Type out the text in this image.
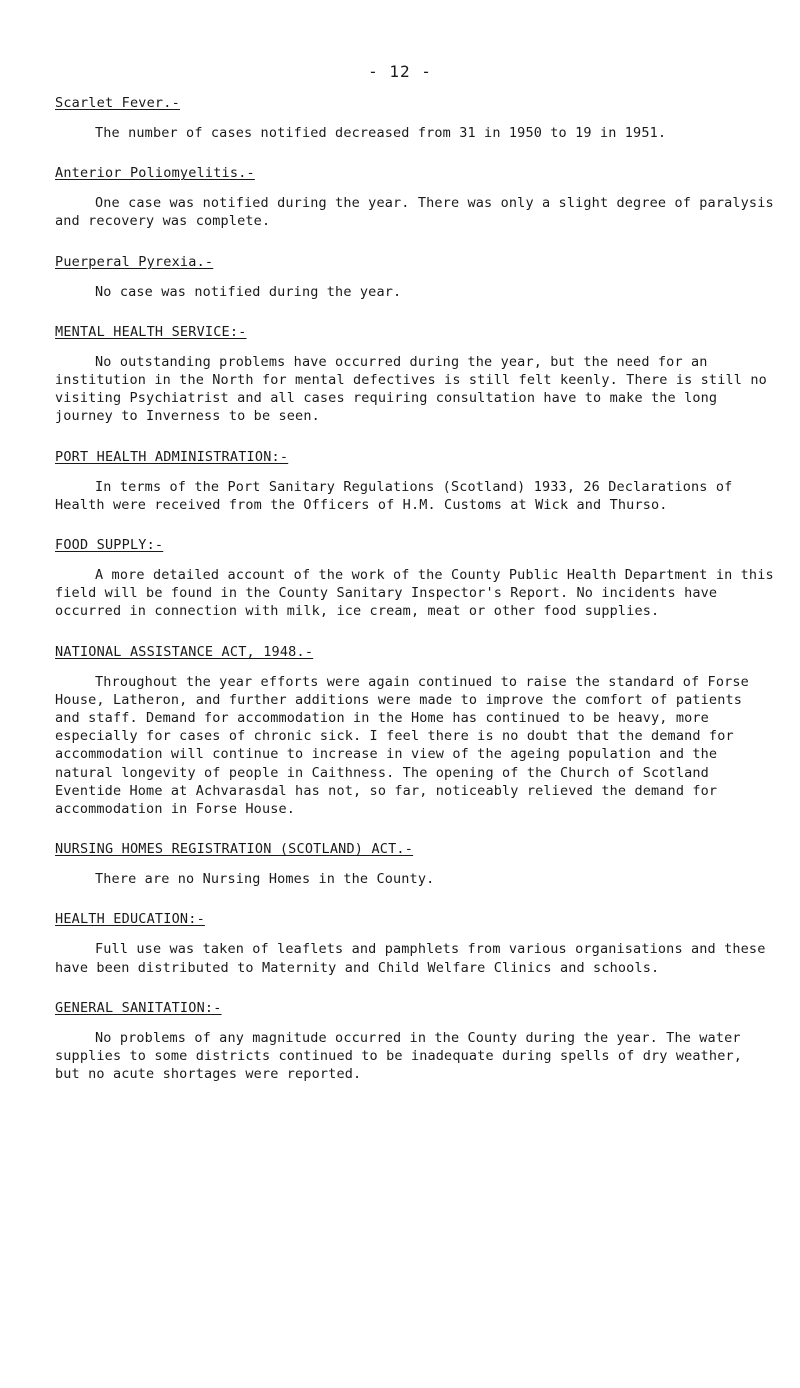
- 12 -
Scarlet Fever.-

The number of cases notified decreased from 31 in 1950 to 19 in 1951.

Anterior Poliomyelitis.-

One case was notified during the year. There was only a slight degree of paralysis and recovery was complete.

Puerperal Pyrexia.-

No case was notified during the year.

MENTAL HEALTH SERVICE:-

No outstanding problems have occurred during the year, but the need for an institution in the North for mental defectives is still felt keenly. There is still no visiting Psychiatrist and all cases requiring consultation have to make the long journey to Inverness to be seen.

PORT HEALTH ADMINISTRATION:-

In terms of the Port Sanitary Regulations (Scotland) 1933, 26 Declarations of Health were received from the Officers of H.M. Customs at Wick and Thurso.

FOOD SUPPLY:-

A more detailed account of the work of the County Public Health Department in this field will be found in the County Sanitary Inspector's Report. No incidents have occurred in connection with milk, ice cream, meat or other food supplies.

NATIONAL ASSISTANCE ACT, 1948.-

Throughout the year efforts were again continued to raise the standard of Forse House, Latheron, and further additions were made to improve the comfort of patients and staff. Demand for accommodation in the Home has continued to be heavy, more especially for cases of chronic sick. I feel there is no doubt that the demand for accommodation will continue to increase in view of the ageing population and the natural longevity of people in Caithness. The opening of the Church of Scotland Eventide Home at Achvarasdal has not, so far, noticeably relieved the demand for accommodation in Forse House.

NURSING HOMES REGISTRATION (SCOTLAND) ACT.-

There are no Nursing Homes in the County.

HEALTH EDUCATION:-

Full use was taken of leaflets and pamphlets from various organisations and these have been distributed to Maternity and Child Welfare Clinics and schools.

GENERAL SANITATION:-

No problems of any magnitude occurred in the County during the year. The water supplies to some districts continued to be inadequate during spells of dry weather, but no acute shortages were reported.
